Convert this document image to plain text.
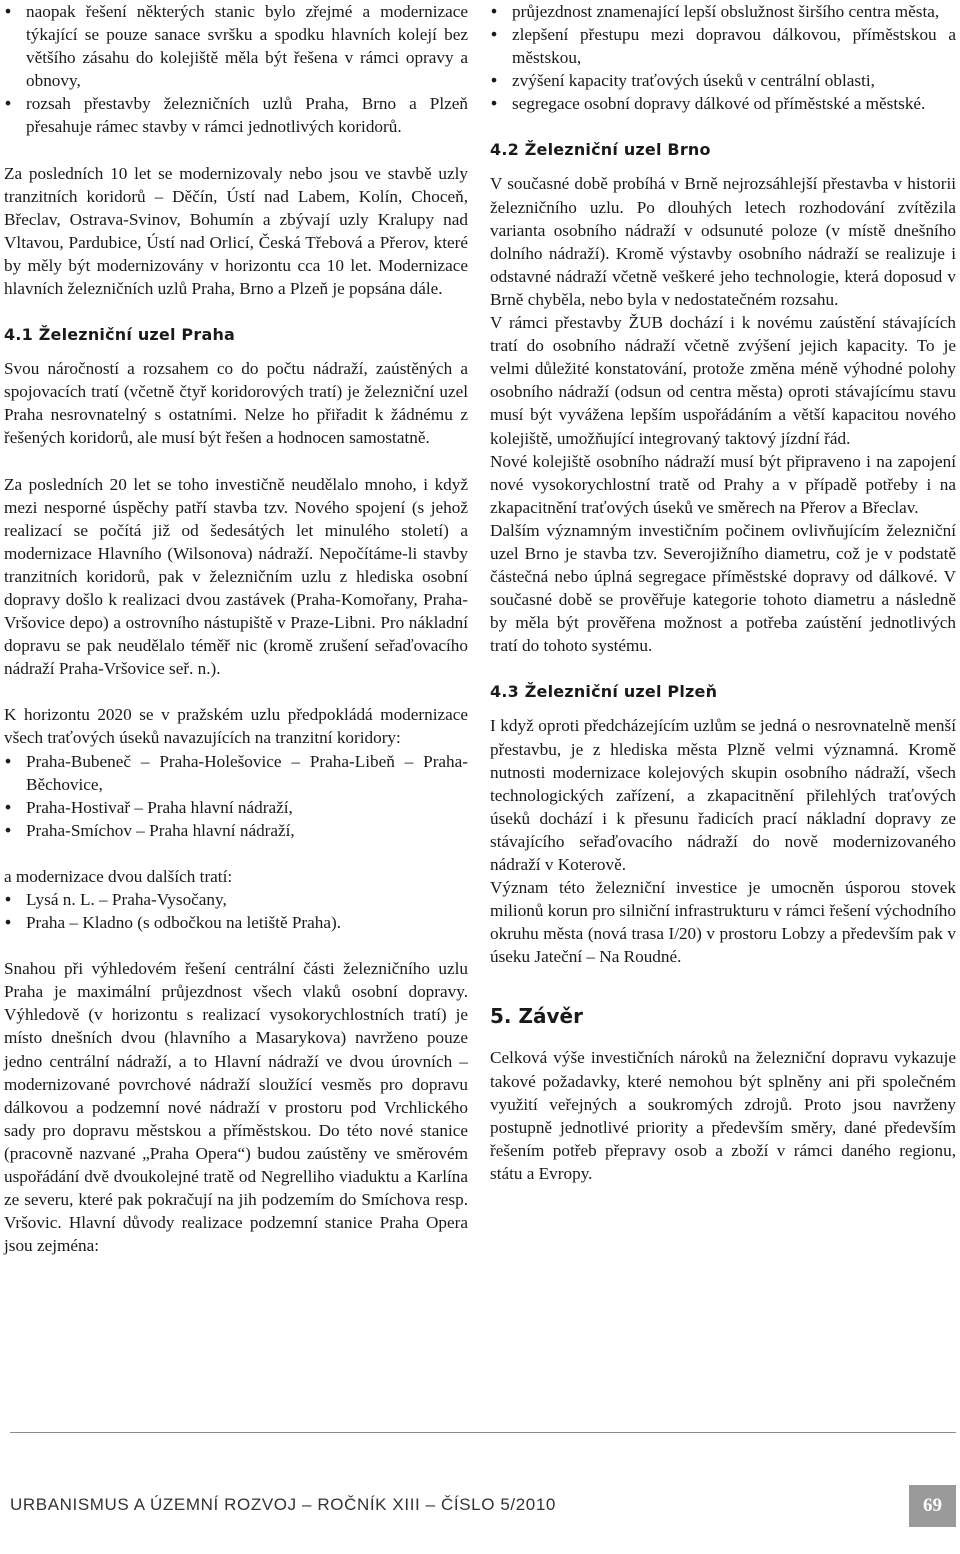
• naopak řešení některých stanic bylo zřejmé a modernizace týkající se pouze sanace svršku a spodku hlavních kolejí bez většího zásahu do kolejiště měla být řešena v rámci opravy a obnovy,
• rozsah přestavby železničních uzlů Praha, Brno a Plzeň přesahuje rámec stavby v rámci jednotlivých koridorů.

Za posledních 10 let se modernizovaly nebo jsou ve stavbě uzly tranzitních koridorů – Děčín, Ústí nad Labem, Kolín, Choceň, Břeclav, Ostrava-Svinov, Bohumín a zbývají uzly Kralupy nad Vltavou, Pardubice, Ústí nad Orlicí, Česká Třebová a Přerov, které by měly být modernizovány v horizontu cca 10 let. Modernizace hlavních železničních uzlů Praha, Brno a Plzeň je popsána dále.

4.1 Železniční uzel Praha

Svou náročností a rozsahem co do počtu nádraží, zaústěných a spojovacích tratí (včetně čtyř koridorových tratí) je železniční uzel Praha nesrovnatelný s ostatními. Nelze ho přiřadit k žádnému z řešených koridorů, ale musí být řešen a hodnocen samostatně.

Za posledních 20 let se toho investičně neudělalo mnoho, i když mezi nesporné úspěchy patří stavba tzv. Nového spojení (s jehož realizací se počítá již od šedesátých let minulého století) a modernizace Hlavního (Wilsonova) nádraží. Nepočítáme-li stavby tranzitních koridorů, pak v železničním uzlu z hlediska osobní dopravy došlo k realizaci dvou zastávek (Praha-Komořany, Praha-Vršovice depo) a ostrovního nástupiště v Praze-Libni. Pro nákladní dopravu se pak neudělalo téměř nic (kromě zrušení seřaďovacího nádraží Praha-Vršovice seř. n.).

K horizontu 2020 se v pražském uzlu předpokládá modernizace všech traťových úseků navazujících na tranzitní koridory:

• Praha-Bubeneč – Praha-Holešovice – Praha-Libeň – Praha-Běchovice,
• Praha-Hostivař – Praha hlavní nádraží,
• Praha-Smíchov – Praha hlavní nádraží,

a modernizace dvou dalších tratí:

• Lysá n. L. – Praha-Vysočany,
• Praha – Kladno (s odbočkou na letiště Praha).

Snahou při výhledovém řešení centrální části železničního uzlu Praha je maximální průjezdnost všech vlaků osobní dopravy. Výhledově (v horizontu s realizací vysokorychlostních tratí) je místo dnešních dvou (hlavního a Masarykova) navrženo pouze jedno centrální nádraží, a to Hlavní nádraží ve dvou úrovních – modernizované povrchové nádraží sloužící vesměs pro dopravu dálkovou a podzemní nové nádraží v prostoru pod Vrchlického sady pro dopravu městskou a příměstskou. Do této nové stanice (pracovně nazvané „Praha Opera“) budou zaústěny ve směrovém uspořádání dvě dvoukolejné tratě od Negrelliho viaduktu a Karlína ze severu, které pak pokračují na jih podzemím do Smíchova resp. Vršovic. Hlavní důvody realizace podzemní stanice Praha Opera jsou zejména:

• průjezdnost znamenající lepší obslužnost širšího centra města,
• zlepšení přestupu mezi dopravou dálkovou, příměstskou a městskou,
• zvýšení kapacity traťových úseků v centrální oblasti,
• segregace osobní dopravy dálkové od příměstské a městské.
4.2 Železniční uzel Brno

V současné době probíhá v Brně nejrozsáhlejší přestavba v historii železničního uzlu. Po dlouhých letech rozhodování zvítězila varianta osobního nádraží v odsunuté poloze (v místě dnešního dolního nádraží). Kromě výstavby osobního nádraží se realizuje i odstavné nádraží včetně veškeré jeho technologie, která doposud v Brně chyběla, nebo byla v nedostatečném rozsahu.

V rámci přestavby ŽUB dochází i k novému zaústění stávajících tratí do osobního nádraží včetně zvýšení jejich kapacity. To je velmi důležité konstatování, protože změna méně výhodné polohy osobního nádraží (odsun od centra města) oproti stávajícímu stavu musí být vyvážena lepším uspořádáním a větší kapacitou nového kolejiště, umožňující integrovaný taktový jízdní řád.

Nové kolejiště osobního nádraží musí být připraveno i na zapojení nové vysokorychlostní tratě od Prahy a v případě potřeby i na zkapacitnění traťových úseků ve směrech na Přerov a Břeclav.

Dalším významným investičním počinem ovlivňujícím železniční uzel Brno je stavba tzv. Severojižního diametru, což je v podstatě částečná nebo úplná segregace příměstské dopravy od dálkové. V současné době se prověřuje kategorie tohoto diametru a následně by měla být prověřena možnost a potřeba zaústění jednotlivých tratí do tohoto systému.

4.3 Železniční uzel Plzeň

I když oproti předcházejícím uzlům se jedná o nesrovnatelně menší přestavbu, je z hlediska města Plzně velmi významná. Kromě nutnosti modernizace kolejových skupin osobního nádraží, všech technologických zařízení, a zkapacitnění přilehlých traťových úseků dochází i k přesunu řadicích prací nákladní dopravy ze stávajícího seřaďovacího nádraží do nově modernizovaného nádraží v Koterově.

Význam této železniční investice je umocněn úsporou stovek milionů korun pro silniční infrastrukturu v rámci řešení východního okruhu města (nová trasa I/20) v prostoru Lobzy a především pak v úseku Jateční – Na Roudné.

5. Závěr

Celková výše investičních nároků na železniční dopravu vykazuje takové požadavky, které nemohou být splněny ani při společném využití veřejných a soukromých zdrojů. Proto jsou navrženy postupně jednotlivé priority a především směry, dané především řešením potřeb přepravy osob a zboží v rámci daného regionu, státu a Evropy.

URBANISMUS A ÚZEMNÍ ROZVOJ – ROČNÍK XIII – ČÍSLO 5/2010	69
